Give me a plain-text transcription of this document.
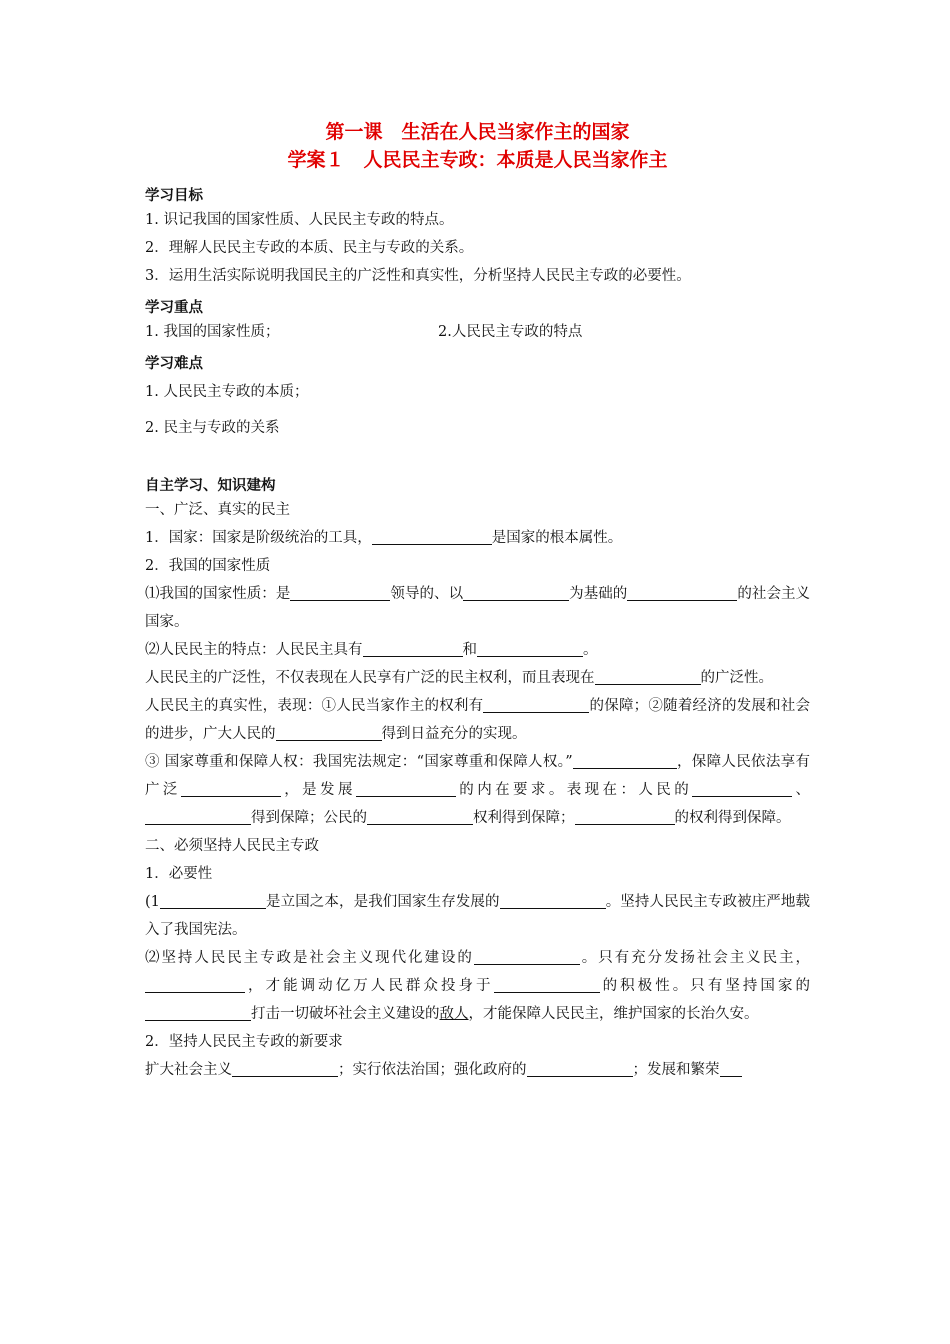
第一课　生活在人民当家作主的国家
学案１　人民民主专政：本质是人民当家作主
学习目标
1. 识记我国的国家性质、人民民主专政的特点。
2．理解人民民主专政的本质、民主与专政的关系。
3．运用生活实际说明我国民主的广泛性和真实性，分析坚持人民民主专政的必要性。
学习重点
1. 我国的国家性质；	2.人民民主专政的特点
学习难点
1. 人民民主专政的本质；
2. 民主与专政的关系
自主学习、知识建构
一、广泛、真实的民主
1．国家：国家是阶级统治的工具，	是国家的根本属性。
2．我国的国家性质
⑴我国的国家性质：是	领导的、以	为基础的	的社会主义国家。
⑵人民民主的特点：人民民主具有	和	。
人民民主的广泛性，不仅表现在人民享有广泛的民主权利，而且表现在	的广泛性。
人民民主的真实性，表现：①人民当家作主的权利有	的保障；②随着经济的发展和社会的进步，广大人民的	得到日益充分的实现。
③ 国家尊重和保障人权：我国宪法规定：“国家尊重和保障人权。”	，保障人民依法享有广泛	，是发展	的内在要求。表现在：人民的	、得到保障；公民的	权利得到保障；	的权利得到保障。
二、必须坚持人民民主专政
1．必要性
(1	是立国之本，是我们国家生存发展的	。坚持人民民主专政被庄严地载入了我国宪法。
⑵坚持人民民主专政是社会主义现代化建设的	。只有充分发扬社会主义民主，，才能调动亿万人民群众投身于	的积极性。只有坚持国家的打击一切破坏社会主义建设的敌人，才能保障人民民主，维护国家的长治久安。
2．坚持人民民主专政的新要求
扩大社会主义	；实行依法治国；强化政府的	；发展和繁荣
